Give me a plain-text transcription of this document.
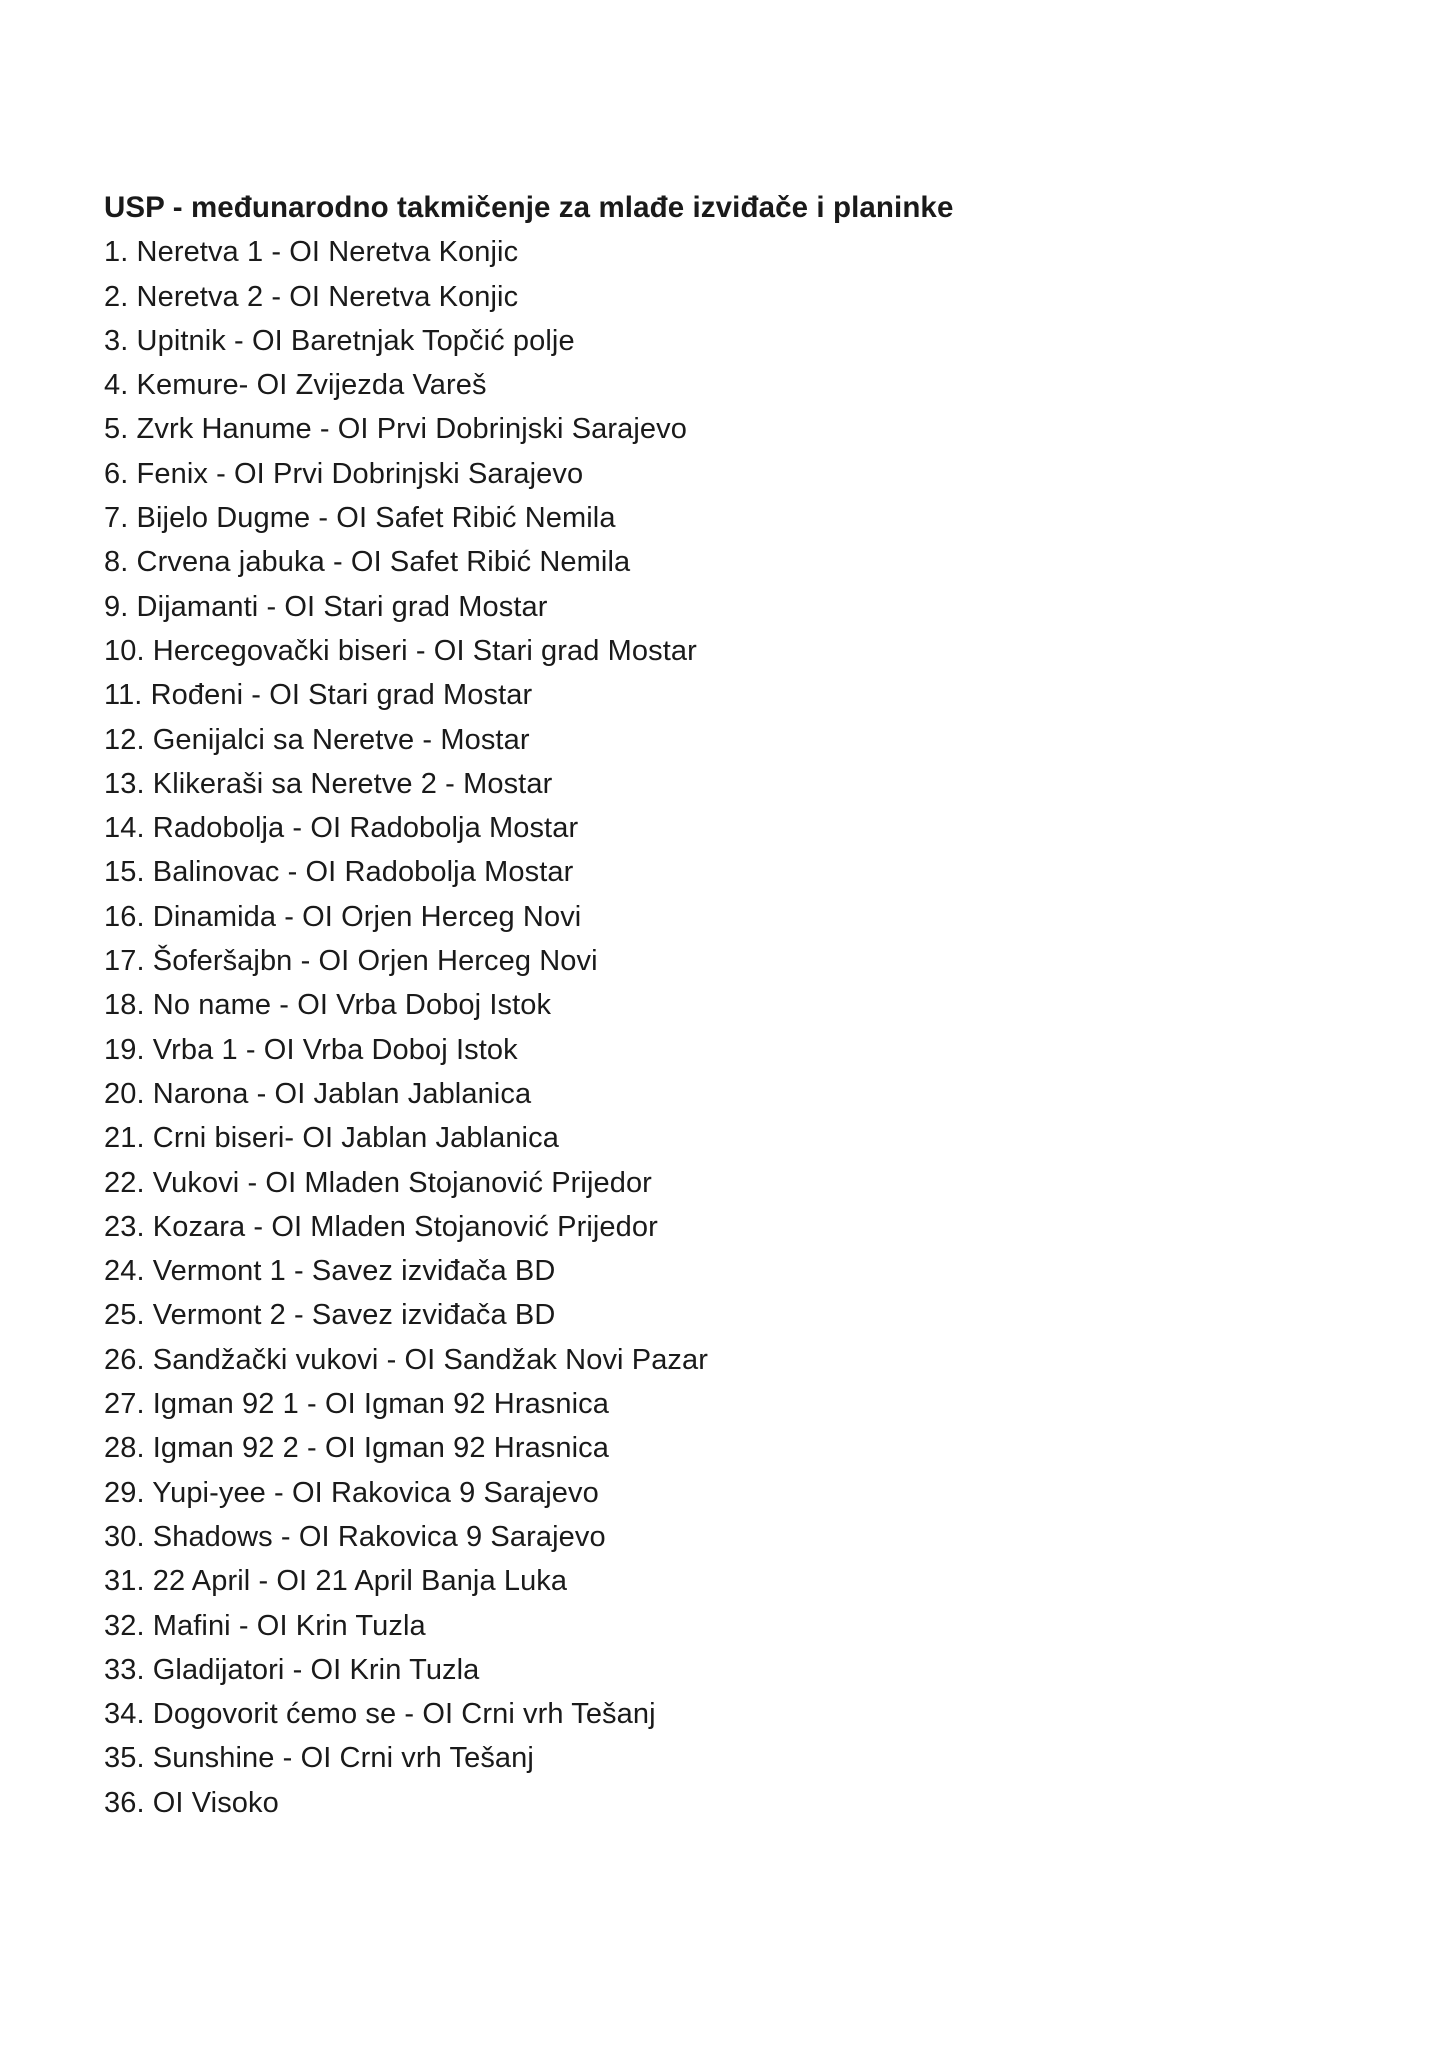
USP - međunarodno takmičenje za mlađe izviđače i planinke
1. Neretva 1 - OI Neretva Konjic
2. Neretva 2 - OI Neretva Konjic
3. Upitnik - OI Baretnjak Topčić polje
4. Kemure- OI Zvijezda Vareš
5. Zvrk Hanume - OI Prvi Dobrinjski Sarajevo
6. Fenix - OI Prvi Dobrinjski Sarajevo
7. Bijelo Dugme - OI Safet Ribić Nemila
8. Crvena jabuka - OI Safet Ribić Nemila
9. Dijamanti - OI Stari grad Mostar
10. Hercegovački biseri - OI Stari grad Mostar
11. Rođeni - OI Stari grad Mostar
12. Genijalci sa Neretve - Mostar
13. Klikeraši sa Neretve 2 - Mostar
14. Radobolja - OI Radobolja Mostar
15. Balinovac - OI Radobolja Mostar
16. Dinamida - OI Orjen Herceg Novi
17. Šoferšajbn - OI Orjen Herceg Novi
18. No name - OI Vrba Doboj Istok
19. Vrba 1 - OI Vrba Doboj Istok
20. Narona - OI Jablan Jablanica
21. Crni biseri- OI Jablan Jablanica
22. Vukovi - OI Mladen Stojanović Prijedor
23. Kozara - OI Mladen Stojanović Prijedor
24. Vermont 1 - Savez izviđača BD
25. Vermont 2 - Savez izviđača BD
26. Sandžački vukovi - OI Sandžak Novi Pazar
27. Igman 92 1 - OI Igman 92 Hrasnica
28. Igman 92 2 - OI Igman 92 Hrasnica
29. Yupi-yee - OI Rakovica 9 Sarajevo
30. Shadows - OI Rakovica 9 Sarajevo
31. 22 April - OI 21 April Banja Luka
32. Mafini - OI Krin Tuzla
33. Gladijatori - OI Krin Tuzla
34. Dogovorit ćemo se - OI Crni vrh Tešanj
35. Sunshine - OI Crni vrh Tešanj
36. OI Visoko
